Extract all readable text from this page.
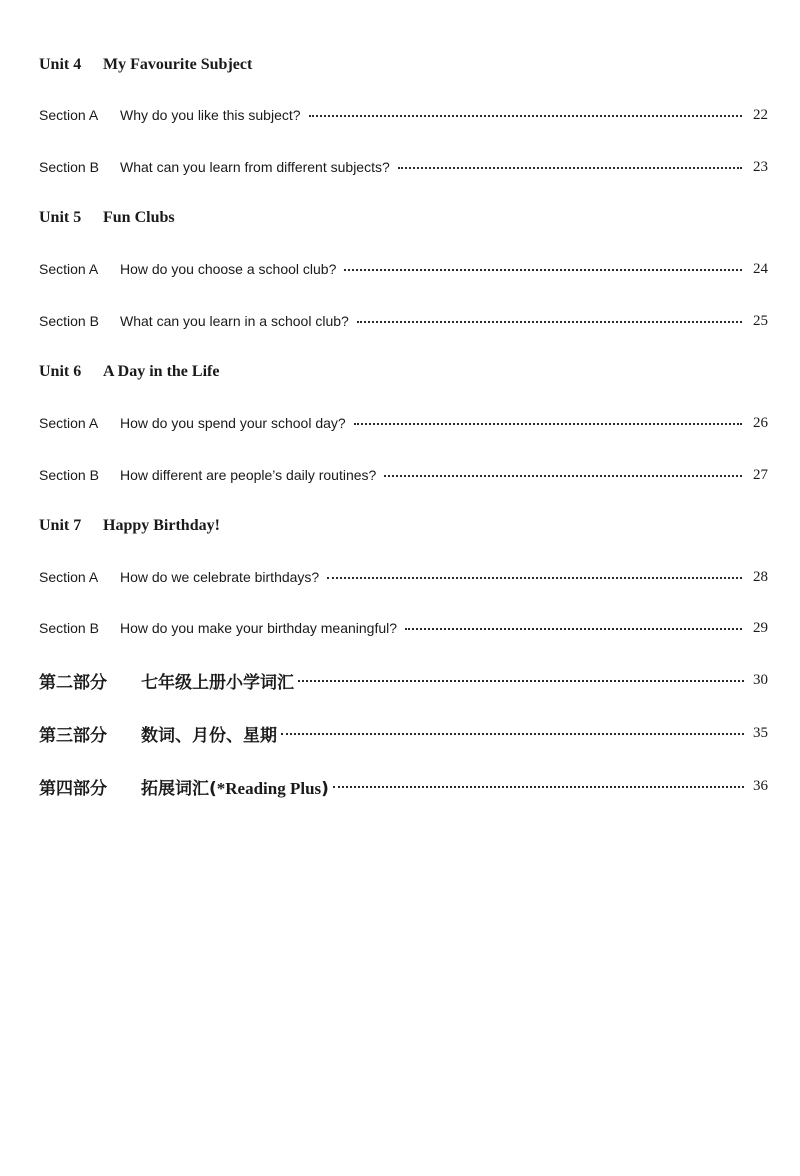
Unit 4 My Favourite Subject
Section A	Why do you like this subject?	22
Section B	What can you learn from different subjects?	23
Unit 5 Fun Clubs
Section A	How do you choose a school club?	24
Section B	What can you learn in a school club?	25
Unit 6 A Day in the Life
Section A	How do you spend your school day?	26
Section B	How different are people’s daily routines?	27
Unit 7 Happy Birthday!
Section A	How do we celebrate birthdays?	28
Section B	How do you make your birthday meaningful?	29
第二部分	七年级上册小学词汇	30
第三部分	数词、月份、星期	35
第四部分	拓展词汇(*Reading Plus)	36
